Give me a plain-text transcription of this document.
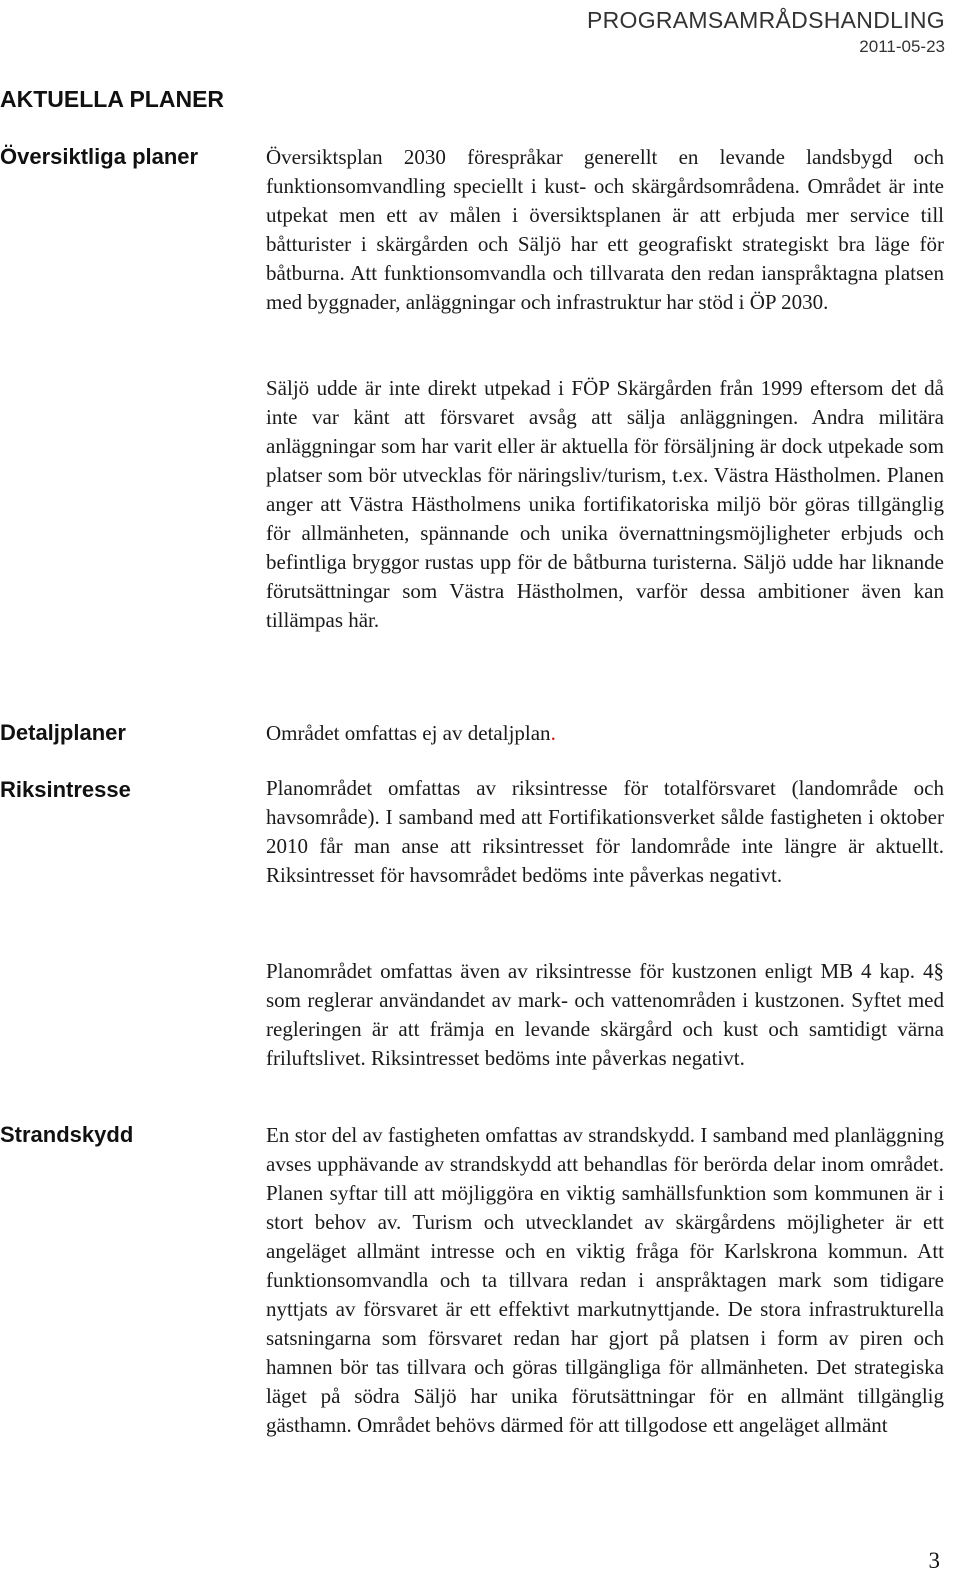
PROGRAMSAMRÅDSHANDLING
2011-05-23
AKTUELLA PLANER
Översiktliga planer	Översiktsplan 2030 förespråkar generellt en levande landsbygd och funktionsomvandling speciellt i kust- och skärgårdsområdena. Området är inte utpekat men ett av målen i översiktsplanen är att erbjuda mer service till båtturister i skärgården och Säljö har ett geografiskt strategiskt bra läge för båtburna. Att funktionsomvandla och tillvarata den redan ianspråktagna platsen med byggnader, anläggningar och infrastruktur har stöd i ÖP 2030.

Säljö udde är inte direkt utpekad i FÖP Skärgården från 1999 eftersom det då inte var känt att försvaret avsåg att sälja anläggningen. Andra militära anläggningar som har varit eller är aktuella för försäljning är dock utpekade som platser som bör utvecklas för näringsliv/turism, t.ex. Västra Hästholmen. Planen anger att Västra Hästholmens unika fortifikatoriska miljö bör göras tillgänglig för allmänheten, spännande och unika övernattningsmöjligheter erbjuds och befintliga bryggor rustas upp för de båtburna turisterna. Säljö udde har liknande förutsättningar som Västra Hästholmen, varför dessa ambitioner även kan tillämpas här.

Detaljplaner	Området omfattas ej av detaljplan.

Riksintresse	Planområdet omfattas av riksintresse för totalförsvaret (landområde och havsområde). I samband med att Fortifikationsverket sålde fastigheten i oktober 2010 får man anse att riksintresset för landområde inte längre är aktuellt. Riksintresset för havsområdet bedöms inte påverkas negativt.

Planområdet omfattas även av riksintresse för kustzonen enligt MB 4 kap. 4§ som reglerar användandet av mark- och vattenområden i kustzonen. Syftet med regleringen är att främja en levande skärgård och kust och samtidigt värna friluftslivet. Riksintresset bedöms inte påverkas negativt.

Strandskydd	En stor del av fastigheten omfattas av strandskydd. I samband med planläggning avses upphävande av strandskydd att behandlas för berörda delar inom området. Planen syftar till att möjliggöra en viktig samhällsfunktion som kommunen är i stort behov av. Turism och utvecklandet av skärgårdens möjligheter är ett angeläget allmänt intresse och en viktig fråga för Karlskrona kommun. Att funktionsomvandla och ta tillvara redan i anspråktagen mark som tidigare nyttjats av försvaret är ett effektivt markutnyttjande. De stora infrastrukturella satsningarna som försvaret redan har gjort på platsen i form av piren och hamnen bör tas tillvara och göras tillgängliga för allmänheten. Det strategiska läget på södra Säljö har unika förutsättningar för en allmänt tillgänglig gästhamn. Området behövs därmed för att tillgodose ett angeläget allmänt

3
